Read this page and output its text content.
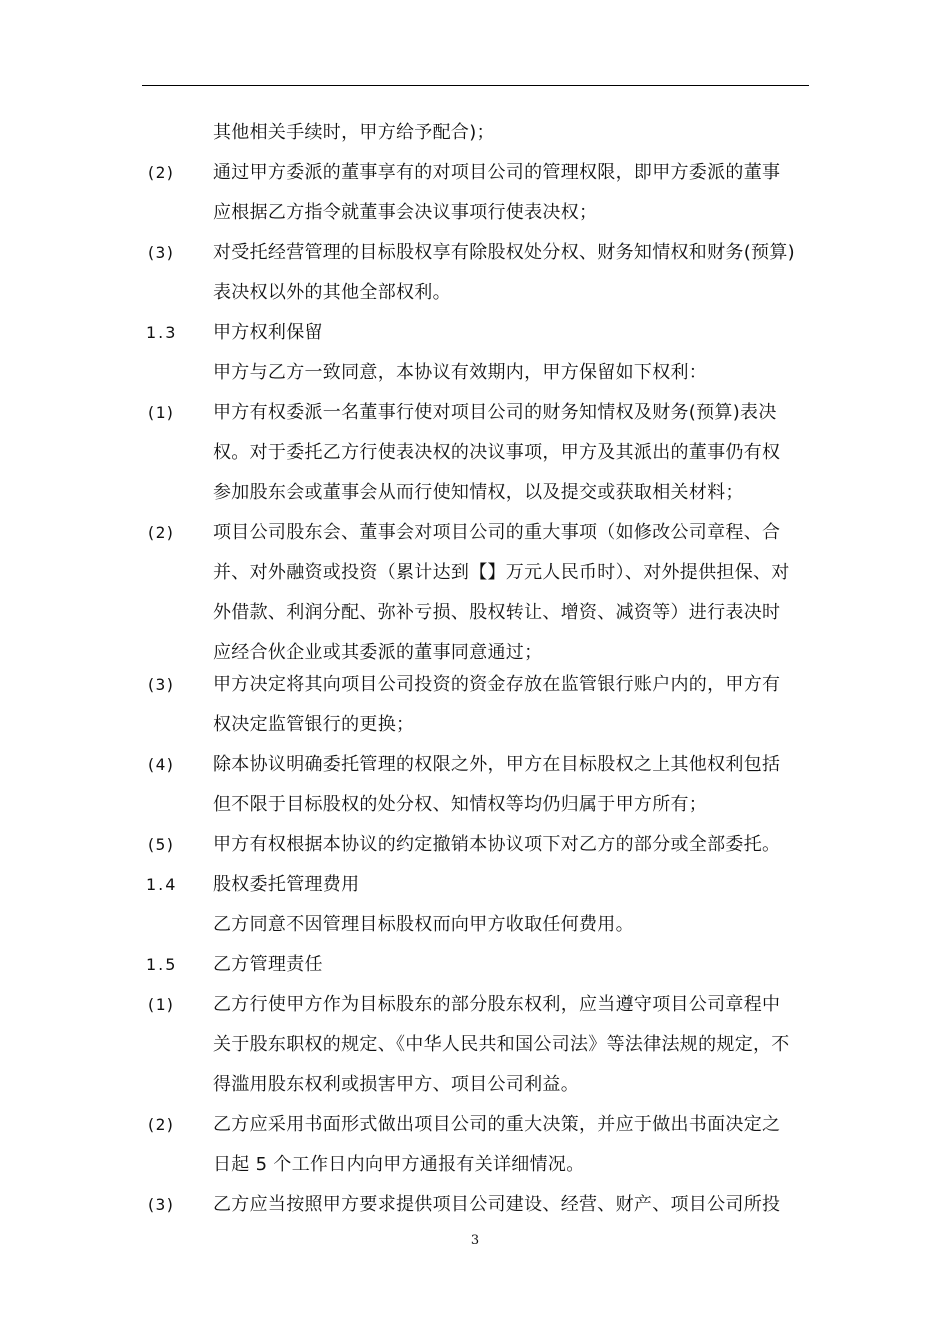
其他相关手续时，甲方给予配合)；
(2) 通过甲方委派的董事享有的对项目公司的管理权限，即甲方委派的董事
应根据乙方指令就董事会决议事项行使表决权；
(3) 对受托经营管理的目标股权享有除股权处分权、财务知情权和财务(预算)
表决权以外的其他全部权利。
1.3 甲方权利保留
甲方与乙方一致同意，本协议有效期内，甲方保留如下权利：
(1) 甲方有权委派一名董事行使对项目公司的财务知情权及财务(预算)表决
权。对于委托乙方行使表决权的决议事项，甲方及其派出的董事仍有权
参加股东会或董事会从而行使知情权，以及提交或获取相关材料；
(2) 项目公司股东会、董事会对项目公司的重大事项（如修改公司章程、合
并、对外融资或投资（累计达到【】万元人民币时）、对外提供担保、对
外借款、利润分配、弥补亏损、股权转让、增资、减资等）进行表决时
应经合伙企业或其委派的董事同意通过；
(3) 甲方决定将其向项目公司投资的资金存放在监管银行账户内的，甲方有
权决定监管银行的更换；
(4) 除本协议明确委托管理的权限之外，甲方在目标股权之上其他权利包括
但不限于目标股权的处分权、知情权等均仍归属于甲方所有；
(5) 甲方有权根据本协议的约定撤销本协议项下对乙方的部分或全部委托。
1.4 股权委托管理费用
乙方同意不因管理目标股权而向甲方收取任何费用。
1.5 乙方管理责任
(1) 乙方行使甲方作为目标股东的部分股东权利，应当遵守项目公司章程中
关于股东职权的规定、《中华人民共和国公司法》等法律法规的规定，不
得滥用股东权利或损害甲方、项目公司利益。
(2) 乙方应采用书面形式做出项目公司的重大决策，并应于做出书面决定之
日起 5 个工作日内向甲方通报有关详细情况。
(3) 乙方应当按照甲方要求提供项目公司建设、经营、财产、项目公司所投
3
